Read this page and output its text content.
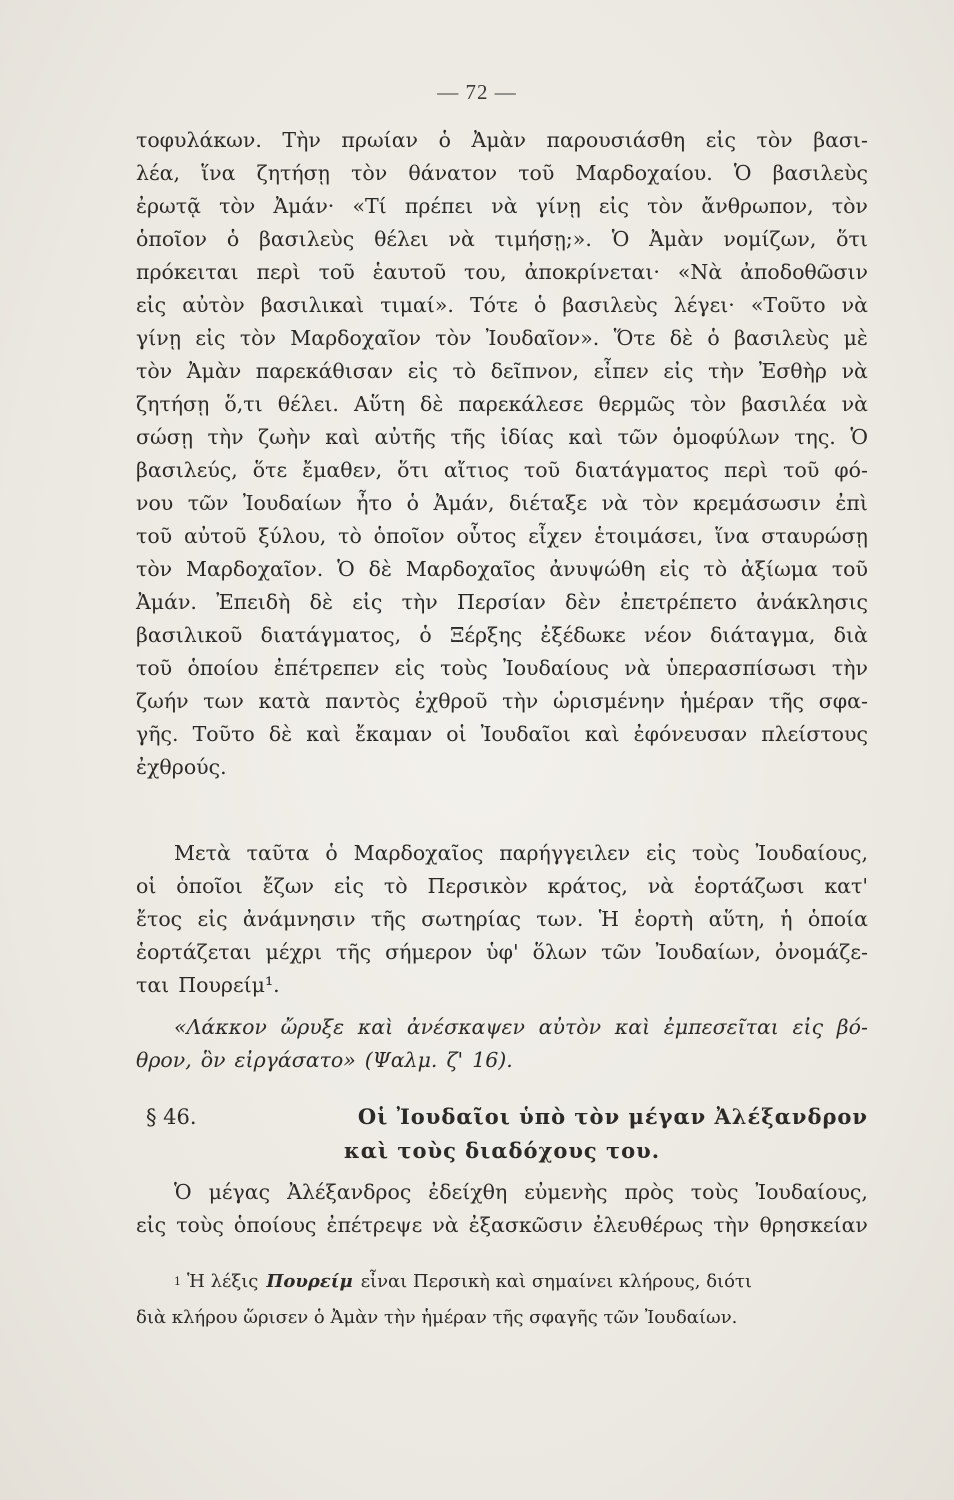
— 72 —
τοφυλάκων. Τὴν πρωίαν ὁ Ἀμὰν παρουσιάσθη εἰς τὸν βασι-
λέα, ἵνα ζητήσῃ τὸν θάνατον τοῦ Μαρδοχαίου. Ὁ βασιλεὺς
ἐρωτᾷ τὸν Ἀμάν· «Τί πρέπει νὰ γίνῃ εἰς τὸν ἄνθρωπον, τὸν
ὁποῖον ὁ βασιλεὺς θέλει νὰ τιμήσῃ;». Ὁ Ἀμὰν νομίζων, ὅτι
πρόκειται περὶ τοῦ ἑαυτοῦ του, ἀποκρίνεται· «Νὰ ἀποδοθῶσιν
εἰς αὐτὸν βασιλικαὶ τιμαί». Τότε ὁ βασιλεὺς λέγει· «Τοῦτο νὰ
γίνῃ εἰς τὸν Μαρδοχαῖον τὸν Ἰουδαῖον». Ὅτε δὲ ὁ βασιλεὺς μὲ
τὸν Ἀμὰν παρεκάθισαν εἰς τὸ δεῖπνον, εἶπεν εἰς τὴν Ἐσθὴρ νὰ
ζητήσῃ ὅ,τι θέλει. Αὕτη δὲ παρεκάλεσε θερμῶς τὸν βασιλέα νὰ
σώσῃ τὴν ζωὴν καὶ αὐτῆς τῆς ἰδίας καὶ τῶν ὁμοφύλων της. Ὁ
βασιλεύς, ὅτε ἔμαθεν, ὅτι αἴτιος τοῦ διατάγματος περὶ τοῦ φό-
νου τῶν Ἰουδαίων ἦτο ὁ Ἀμάν, διέταξε νὰ τὸν κρεμάσωσιν ἐπὶ
τοῦ αὐτοῦ ξύλου, τὸ ὁποῖον οὗτος εἶχεν ἑτοιμάσει, ἵνα σταυρώσῃ
τὸν Μαρδοχαῖον. Ὁ δὲ Μαρδοχαῖος ἀνυψώθη εἰς τὸ ἀξίωμα τοῦ
Ἀμάν. Ἐπειδὴ δὲ εἰς τὴν Περσίαν δὲν ἐπετρέπετο ἀνάκλησις
βασιλικοῦ διατάγματος, ὁ Ξέρξης ἐξέδωκε νέον διάταγμα, διὰ
τοῦ ὁποίου ἐπέτρεπεν εἰς τοὺς Ἰουδαίους νὰ ὑπερασπίσωσι τὴν
ζωήν των κατὰ παντὸς ἐχθροῦ τὴν ὡρισμένην ἡμέραν τῆς σφα-
γῆς. Τοῦτο δὲ καὶ ἔκαμαν οἱ Ἰουδαῖοι καὶ ἐφόνευσαν πλείστους
ἐχθρούς.
Μετὰ ταῦτα ὁ Μαρδοχαῖος παρήγγειλεν εἰς τοὺς Ἰουδαίους,
οἱ ὁποῖοι ἔζων εἰς τὸ Περσικὸν κράτος, νὰ ἑορτάζωσι κατ'
ἔτος εἰς ἀνάμνησιν τῆς σωτηρίας των. Ἡ ἑορτὴ αὕτη, ἡ ὁποία
ἑορτάζεται μέχρι τῆς σήμερον ὑφ' ὅλων τῶν Ἰουδαίων, ὀνομάζε-
ται Πουρείμ¹.
«Λάκκον ὤρυξε καὶ ἀνέσκαψεν αὐτὸν καὶ ἐμπεσεῖται εἰς βό-
θρον, ὃν εἰργάσατο» (Ψαλμ. ζ' 16).
§ 46.	Οἱ Ἰουδαῖοι ὑπὸ τὸν μέγαν Ἀλέξανδρον
καὶ τοὺς διαδόχους του.
Ὁ μέγας Ἀλέξανδρος ἐδείχθη εὐμενὴς πρὸς τοὺς Ἰουδαίους,
εἰς τοὺς ὁποίους ἐπέτρεψε νὰ ἐξασκῶσιν ἐλευθέρως τὴν θρησκείαν
1 Ἡ λέξις Πουρείμ εἶναι Περσικὴ καὶ σημαίνει κλήρους, διότι
διὰ κλήρου ὥρισεν ὁ Ἀμὰν τὴν ἡμέραν τῆς σφαγῆς τῶν Ἰουδαίων.
